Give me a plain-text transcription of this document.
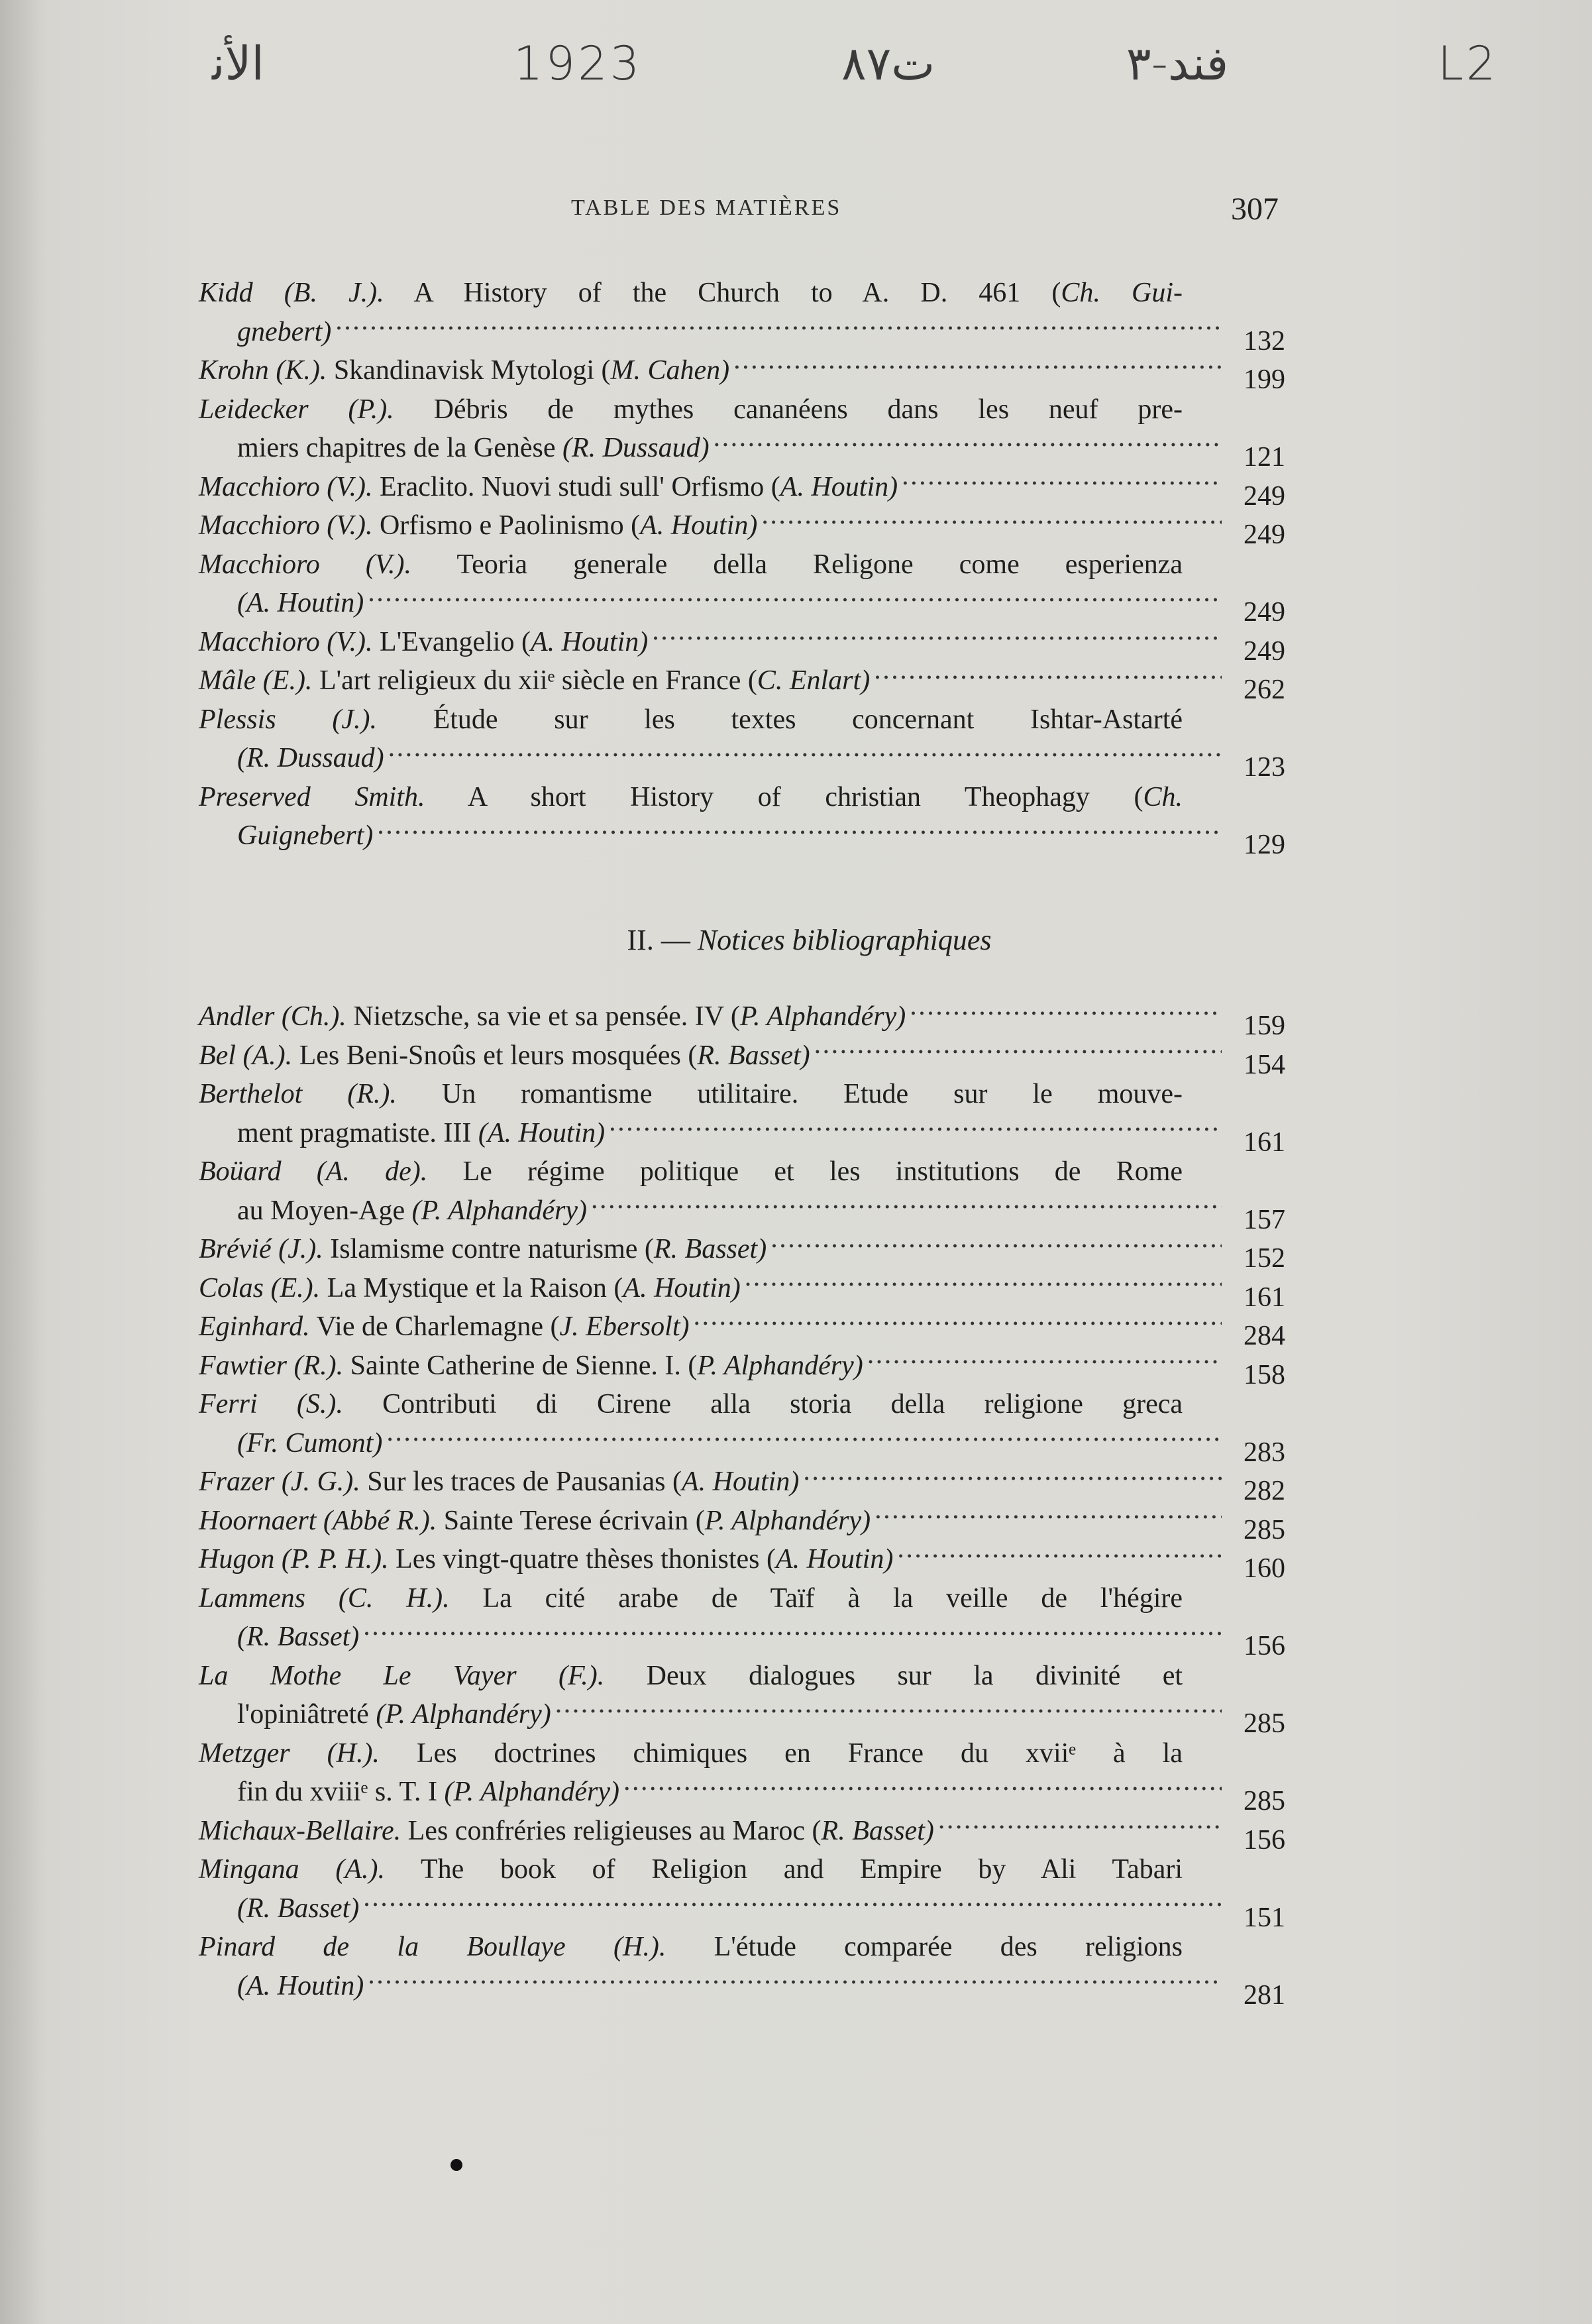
ﺍﻷﻧ	1923	ﺕ٨٧	ﻓﻨﺪ-٣	L2
TABLE DES MATIÈRES	307
Kidd (B. J.). A History of the Church to A. D. 461 (Ch. Gui-
gnebert) . . .	132
Krohn (K.). Skandinavisk Mytologi (M. Cahen) . . .	199
Leidecker (P.). Débris de mythes cananéens dans les neuf pre-
miers chapitres de la Genèse (R. Dussaud) . . .	121
Macchioro (V.). Eraclito. Nuovi studi sull' Orfismo (A. Houtin) . . .	249
Macchioro (V.). Orfismo e Paolinismo (A. Houtin) . . .	249
Macchioro (V.). Teoria generale della Religone come esperienza
(A. Houtin) . . .	249
Macchioro (V.). L'Evangelio (A. Houtin) . . .	249
Mâle (E.). L'art religieux du xiiᵉ siècle en France (C. Enlart) . . .	262
Plessis (J.). Étude sur les textes concernant Ishtar-Astarté
(R. Dussaud) . . .	123
Preserved Smith. A short History of christian Theophagy (Ch.
Guignebert) . . .	129
II. — Notices bibliographiques
Andler (Ch.). Nietzsche, sa vie et sa pensée. IV (P. Alphandéry) . . .	159
Bel (A.). Les Beni-Snoûs et leurs mosquées (R. Basset) . . .	154
Berthelot (R.). Un romantisme utilitaire. Etude sur le mouve-
ment pragmatiste. III (A. Houtin) . . .	161
Boüard (A. de). Le régime politique et les institutions de Rome
au Moyen-Age (P. Alphandéry) . . .	157
Brévié (J.). Islamisme contre naturisme (R. Basset) . . .	152
Colas (E.). La Mystique et la Raison (A. Houtin) . . .	161
Eginhard. Vie de Charlemagne (J. Ebersolt) . . .	284
Fawtier (R.). Sainte Catherine de Sienne. I. (P. Alphandéry) . . .	158
Ferri (S.). Contributi di Cirene alla storia della religione greca
(Fr. Cumont) . . .	283
Frazer (J. G.). Sur les traces de Pausanias (A. Houtin) . . .	282
Hoornaert (Abbé R.). Sainte Terese écrivain (P. Alphandéry) . . .	285
Hugon (P. P. H.). Les vingt-quatre thèses thonistes (A. Houtin) . . .	160
Lammens (C. H.). La cité arabe de Taïf à la veille de l'hégire
(R. Basset) . . .	156
La Mothe Le Vayer (F.). Deux dialogues sur la divinité et
l'opiniâtreté (P. Alphandéry) . . .	285
Metzger (H.). Les doctrines chimiques en France du xviiᵉ à la
fin du xviiiᵉ s. T. I (P. Alphandéry) . . .	285
Michaux-Bellaire. Les confréries religieuses au Maroc (R. Basset) . . .	156
Mingana (A.). The book of Religion and Empire by Ali Tabari
(R. Basset) . . .	151
Pinard de la Boullaye (H.). L'étude comparée des religions
(A. Houtin) . . .	281
